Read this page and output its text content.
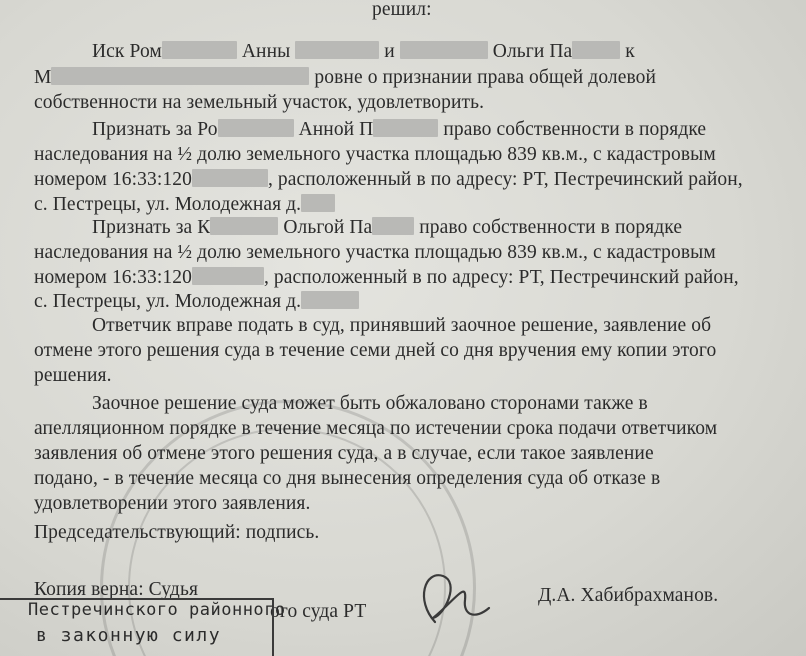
решил:
Иск Ром	Анны	и	Ольги Па к
М	ровне о признании права общей долевой
собственности на земельный участок, удовлетворить.
Признать за Ро	Анной П	право собственности в порядке
наследования на ½ долю земельного участка площадью 839 кв.м., с кадастровым
номером 16:33:120	, расположенный в по адресу: РТ, Пестречинский район,
с. Пестрецы, ул. Молодежная д.
Признать за К	Ольгой Па право собственности в порядке
наследования на ½ долю земельного участка площадью 839 кв.м., с кадастровым
номером 16:33:120	, расположенный в по адресу: РТ, Пестречинский район,
с. Пестрецы, ул. Молодежная д.
Ответчик вправе подать в суд, принявший заочное решение, заявление об
отмене этого решения суда в течение семи дней со дня вручения ему копии этого
решения.
Заочное решение суда может быть обжаловано сторонами также в
апелляционном порядке в течение месяца по истечении срока подачи ответчиком
заявления об отмене этого решения суда, а в случае, если такое заявление
подано, - в течение месяца со дня вынесения определения суда об отказе в
удовлетворении этого заявления.
Председательствующий: подпись.
Копия верна: Судья
ого суда РТ
Д.А. Хабибрахманов.
Пестречинского районного
в законную силу
